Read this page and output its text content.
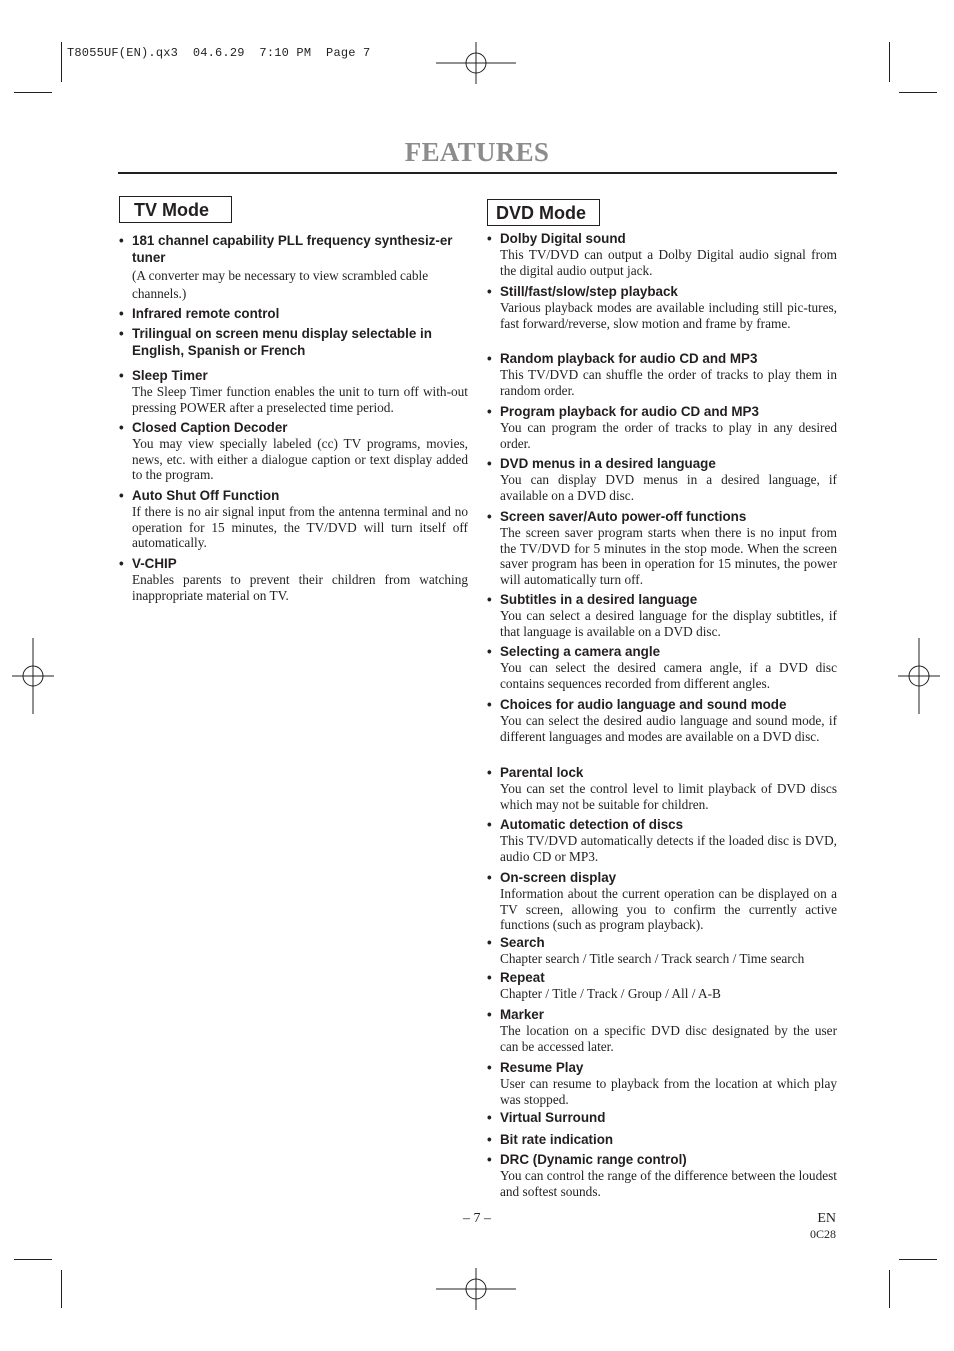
T8055UF(EN).qx3  04.6.29  7:10 PM  Page 7
FEATURES
TV Mode
• 181 channel capability PLL frequency synthesiz-er tuner
(A converter may be necessary to view scrambled cable channels.)
• Infrared remote control
• Trilingual on screen menu display selectable in English, Spanish or French
• Sleep Timer
The Sleep Timer function enables the unit to turn off with-out pressing POWER after a preselected time period.
• Closed Caption Decoder
You may view specially labeled (cc) TV programs, movies, news, etc. with either a dialogue caption or text display added to the program.
• Auto Shut Off Function
If there is no air signal input from the antenna terminal and no operation for 15 minutes, the TV/DVD will turn itself off automatically.
• V-CHIP
Enables parents to prevent their children from watching inappropriate material on TV.
DVD Mode
• Dolby Digital sound
This TV/DVD can output a Dolby Digital audio signal from the digital audio output jack.
• Still/fast/slow/step playback
Various playback modes are available including still pic-tures, fast forward/reverse, slow motion and frame by frame.
• Random playback for audio CD and MP3
This TV/DVD can shuffle the order of tracks to play them in random order.
• Program playback for audio CD and MP3
You can program the order of tracks to play in any desired order.
• DVD menus in a desired language
You can display DVD menus in a desired language, if available on a DVD disc.
• Screen saver/Auto power-off functions
The screen saver program starts when there is no input from the TV/DVD for 5 minutes in the stop mode. When the screen saver program has been in operation for 15 minutes, the power will automatically turn off.
• Subtitles in a desired language
You can select a desired language for the display subtitles, if that language is available on a DVD disc.
• Selecting a camera angle
You can select the desired camera angle, if a DVD disc contains sequences recorded from different angles.
• Choices for audio language and sound mode
You can select the desired audio language and sound mode, if different languages and modes are available on a DVD disc.
• Parental lock
You can set the control level to limit playback of DVD discs which may not be suitable for children.
• Automatic detection of discs
This TV/DVD automatically detects if the loaded disc is DVD, audio CD or MP3.
• On-screen display
Information about the current operation can be displayed on a TV screen, allowing you to confirm the currently active functions (such as program playback).
• Search
Chapter search / Title search / Track search / Time search
• Repeat
Chapter / Title / Track / Group / All / A-B
• Marker
The location on a specific DVD disc designated by the user can be accessed later.
• Resume Play
User can resume to playback from the location at which play was stopped.
• Virtual Surround
• Bit rate indication
• DRC (Dynamic range control)
You can control the range of the difference between the loudest and softest sounds.
– 7 –	EN
0C28
